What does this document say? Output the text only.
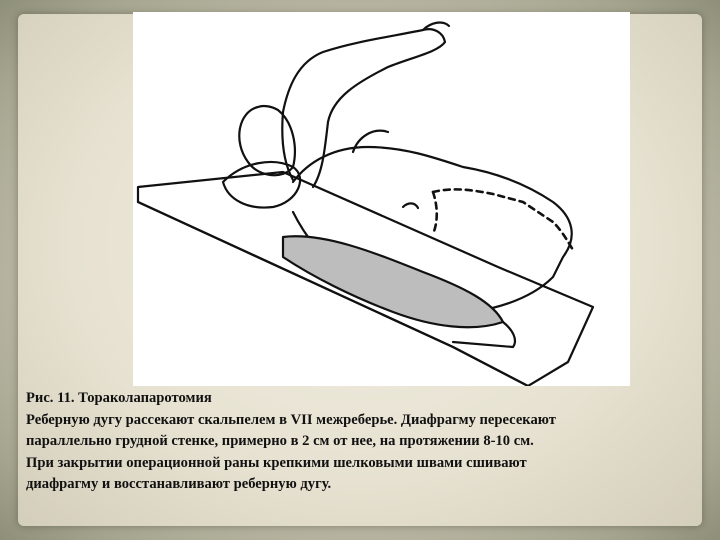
Рис. 11. Тораколапаротомия
Реберную дугу рассекают скальпелем в VII межреберье. Диафрагму пересекают
параллельно грудной стенке, примерно в 2 см от нее, на протяжении 8-10 см.
При закрытии операционной раны крепкими шелковыми швами сшивают
диафрагму и восстанавливают реберную дугу.
